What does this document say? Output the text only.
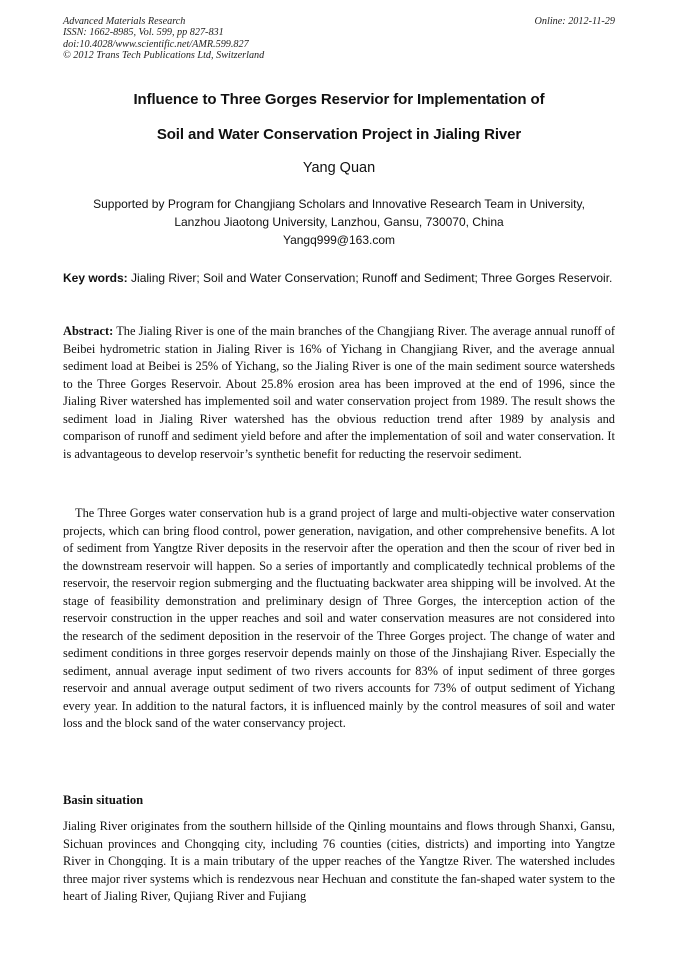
Advanced Materials Research
ISSN: 1662-8985, Vol. 599, pp 827-831
doi:10.4028/www.scientific.net/AMR.599.827
© 2012 Trans Tech Publications Ltd, Switzerland
Online: 2012-11-29
Influence to Three Gorges Reservior for Implementation of
Soil and Water Conservation Project in Jialing River
Yang Quan
Supported by Program for Changjiang Scholars and Innovative Research Team in University,
Lanzhou Jiaotong University, Lanzhou, Gansu, 730070, China
Yangq999@163.com
Key words: Jialing River; Soil and Water Conservation; Runoff and Sediment; Three Gorges Reservoir.
Abstract: The Jialing River is one of the main branches of the Changjiang River. The average annual runoff of Beibei hydrometric station in Jialing River is 16% of Yichang in Changjiang River, and the average annual sediment load at Beibei is 25% of Yichang, so the Jialing River is one of the main sediment source watersheds to the Three Gorges Reservoir. About 25.8% erosion area has been improved at the end of 1996, since the Jialing River watershed has implemented soil and water conservation project from 1989. The result shows the sediment load in Jialing River watershed has the obvious reduction trend after 1989 by analysis and comparison of runoff and sediment yield before and after the implementation of soil and water conservation. It is advantageous to develop reservoir’s synthetic benefit for reducting the reservoir sediment.
The Three Gorges water conservation hub is a grand project of large and multi-objective water conservation projects, which can bring flood control, power generation, navigation, and other comprehensive benefits. A lot of sediment from Yangtze River deposits in the reservoir after the operation and then the scour of river bed in the downstream reservoir will happen. So a series of importantly and complicatedly technical problems of the reservoir, the reservoir region submerging and the fluctuating backwater area shipping will be involved. At the stage of feasibility demonstration and preliminary design of Three Gorges, the interception action of the reservoir construction in the upper reaches and soil and water conservation measures are not considered into the research of the sediment deposition in the reservoir of the Three Gorges project. The change of water and sediment conditions in three gorges reservoir depends mainly on those of the Jinshajiang River. Especially the sediment, annual average input sediment of two rivers accounts for 83% of input sediment of three gorges reservoir and annual average output sediment of two rivers accounts for 73% of output sediment of Yichang every year. In addition to the natural factors, it is influenced mainly by the control measures of soil and water loss and the block sand of the water conservancy project.
Basin situation
Jialing River originates from the southern hillside of the Qinling mountains and flows through Shanxi, Gansu, Sichuan provinces and Chongqing city, including 76 counties (cities, districts) and importing into Yangtze River in Chongqing. It is a main tributary of the upper reaches of the Yangtze River. The watershed includes three major river systems which is rendezvous near Hechuan and constitute the fan-shaped water system to the heart of Jialing River, Qujiang River and Fujiang
